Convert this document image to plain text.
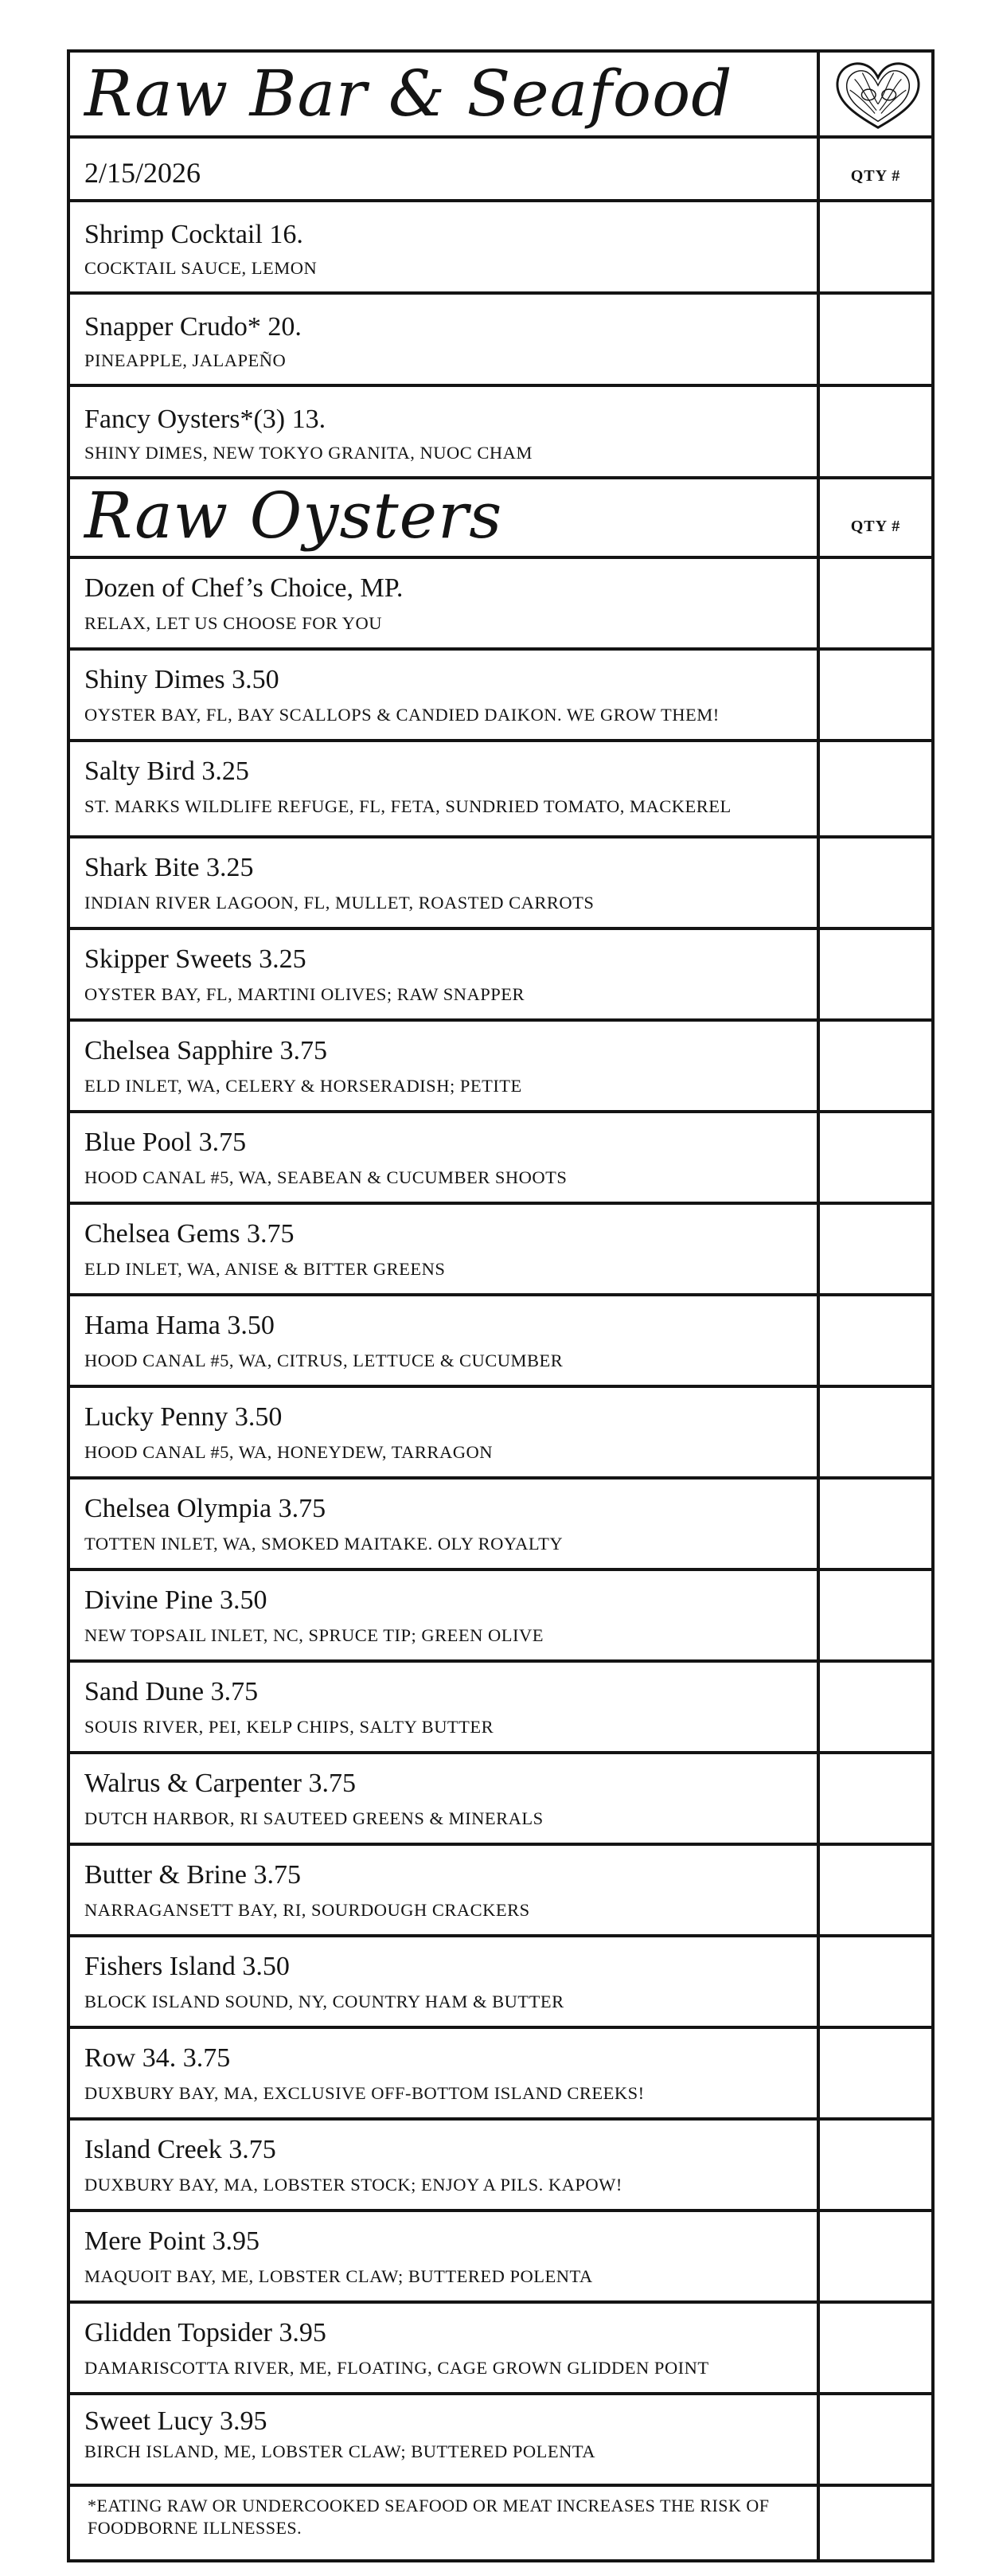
Raw Bar & Seafood
2/15/2026	QTY #
Shrimp Cocktail 16.
COCKTAIL SAUCE, LEMON
Snapper Crudo* 20.
PINEAPPLE, JALAPEÑO
Fancy Oysters*(3) 13.
SHINY DIMES, NEW TOKYO GRANITA, NUOC CHAM
Raw Oysters	QTY #
Dozen of Chef’s Choice, MP.
RELAX, LET US CHOOSE FOR YOU
Shiny Dimes 3.50
OYSTER BAY, FL, BAY SCALLOPS & CANDIED DAIKON. WE GROW THEM!
Salty Bird 3.25
ST. MARKS WILDLIFE REFUGE, FL, FETA, SUNDRIED TOMATO, MACKEREL
Shark Bite 3.25
INDIAN RIVER LAGOON, FL, MULLET, ROASTED CARROTS
Skipper Sweets 3.25
OYSTER BAY, FL, MARTINI OLIVES; RAW SNAPPER
Chelsea Sapphire 3.75
ELD INLET, WA, CELERY & HORSERADISH; PETITE
Blue Pool 3.75
HOOD CANAL #5, WA, SEABEAN & CUCUMBER SHOOTS
Chelsea Gems 3.75
ELD INLET, WA, ANISE & BITTER GREENS
Hama Hama 3.50
HOOD CANAL #5, WA, CITRUS, LETTUCE & CUCUMBER
Lucky Penny 3.50
HOOD CANAL #5, WA, HONEYDEW, TARRAGON
Chelsea Olympia 3.75
TOTTEN INLET, WA, SMOKED MAITAKE. OLY ROYALTY
Divine Pine 3.50
NEW TOPSAIL INLET, NC, SPRUCE TIP; GREEN OLIVE
Sand Dune 3.75
SOUIS RIVER, PEI, KELP CHIPS, SALTY BUTTER
Walrus & Carpenter 3.75
DUTCH HARBOR, RI SAUTEED GREENS & MINERALS
Butter & Brine 3.75
NARRAGANSETT BAY, RI, SOURDOUGH CRACKERS
Fishers Island 3.50
BLOCK ISLAND SOUND, NY, COUNTRY HAM & BUTTER
Row 34. 3.75
DUXBURY BAY, MA, EXCLUSIVE OFF-BOTTOM ISLAND CREEKS!
Island Creek 3.75
DUXBURY BAY, MA, LOBSTER STOCK; ENJOY A PILS. KAPOW!
Mere Point 3.95
MAQUOIT BAY, ME, LOBSTER CLAW; BUTTERED POLENTA
Glidden Topsider 3.95
DAMARISCOTTA RIVER, ME, FLOATING, CAGE GROWN GLIDDEN POINT
Sweet Lucy 3.95
BIRCH ISLAND, ME, LOBSTER CLAW; BUTTERED POLENTA
*EATING RAW OR UNDERCOOKED SEAFOOD OR MEAT INCREASES THE RISK OF FOODBORNE ILLNESSES.
